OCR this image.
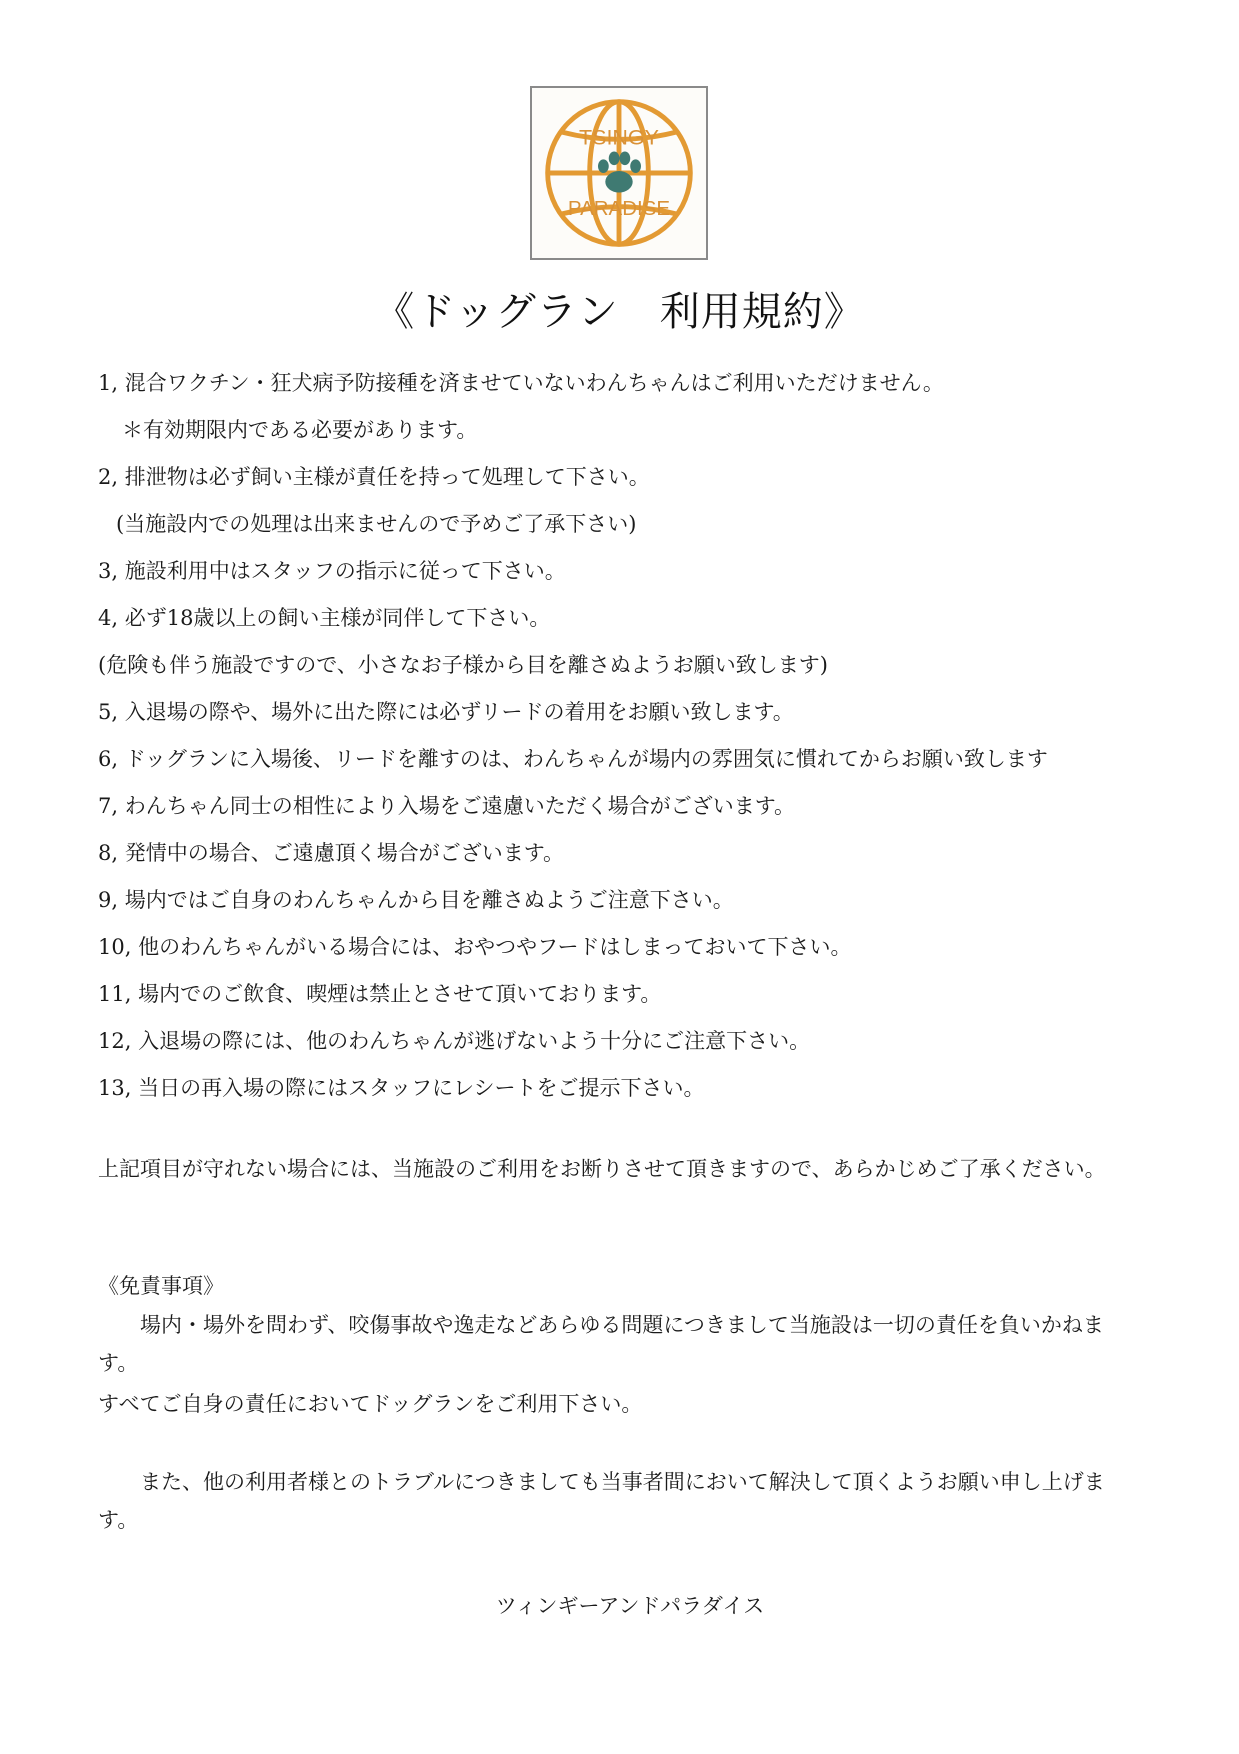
TSINGY
PARADISE
《ドッグラン　利用規約》
1, 混合ワクチン・狂犬病予防接種を済ませていないわんちゃんはご利用いただけません。
＊有効期限内である必要があります。
2, 排泄物は必ず飼い主様が責任を持って処理して下さい。
(当施設内での処理は出来ませんので予めご了承下さい)
3, 施設利用中はスタッフの指示に従って下さい。
4, 必ず18歳以上の飼い主様が同伴して下さい。
(危険も伴う施設ですので、小さなお子様から目を離さぬようお願い致します)
5, 入退場の際や、場外に出た際には必ずリードの着用をお願い致します。
6, ドッグランに入場後、リードを離すのは、わんちゃんが場内の雰囲気に慣れてからお願い致します
7, わんちゃん同士の相性により入場をご遠慮いただく場合がございます。
8, 発情中の場合、ご遠慮頂く場合がございます。
9, 場内ではご自身のわんちゃんから目を離さぬようご注意下さい。
10, 他のわんちゃんがいる場合には、おやつやフードはしまっておいて下さい。
11, 場内でのご飲食、喫煙は禁止とさせて頂いております。
12, 入退場の際には、他のわんちゃんが逃げないよう十分にご注意下さい。
13, 当日の再入場の際にはスタッフにレシートをご提示下さい。
上記項目が守れない場合には、当施設のご利用をお断りさせて頂きますので、あらかじめご了承ください。
《免責事項》
場内・場外を問わず、咬傷事故や逸走などあらゆる問題につきまして当施設は一切の責任を負いかねます。
すべてご自身の責任においてドッグランをご利用下さい。
また、他の利用者様とのトラブルにつきましても当事者間において解決して頂くようお願い申し上げます。
ツィンギーアンドパラダイス
